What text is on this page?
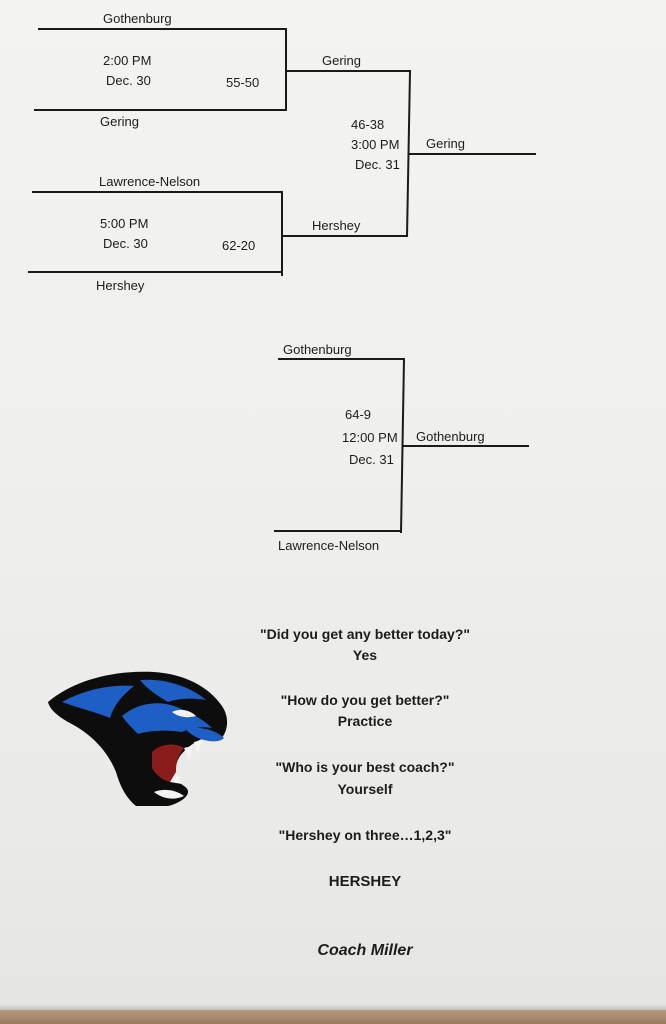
Gothenburg
2:00 PM
Dec. 30	55-50
Gering
Gering
46-38
3:00 PM
Dec. 31
Gering
Lawrence-Nelson
5:00 PM
Dec. 30	62-20
Hershey
Hershey
Gothenburg
64-9
12:00 PM
Dec. 31
Gothenburg
Lawrence-Nelson
"Did you get any better today?"
Yes
"How do you get better?"
Practice
"Who is your best coach?"
Yourself
"Hershey on three…1,2,3"
HERSHEY
Coach Miller
